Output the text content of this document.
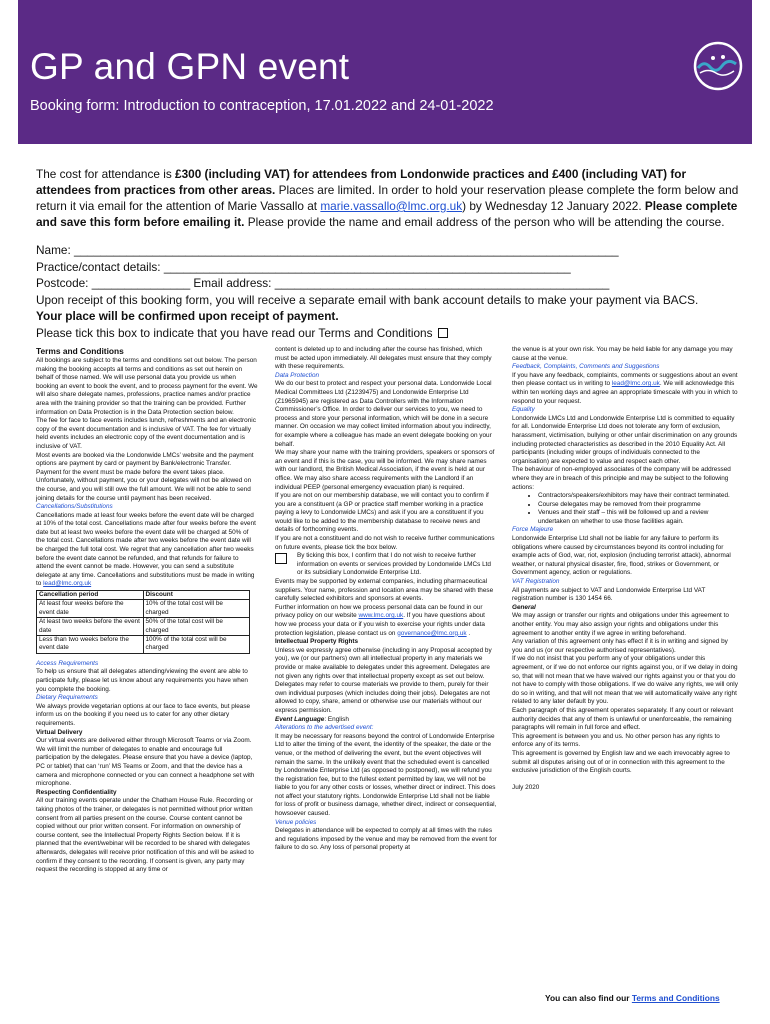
GP and GPN event
Booking form: Introduction to contraception, 17.01.2022 and 24-01-2022
The cost for attendance is £300 (including VAT) for attendees from Londonwide practices and £400 (including VAT) for attendees from practices from other areas. Places are limited. In order to hold your reservation please complete the form below and return it via email for the attention of Marie Vassallo at marie.vassallo@lmc.org.uk) by Wednesday 12 January 2022. Please complete and save this form before emailing it. Please provide the name and email address of the person who will be attending the course.
Name: ___________________________________________________________________________________
Practice/contact details: ______________________________________________________________
Postcode: _______________ Email address: ___________________________________________________
Upon receipt of this booking form, you will receive a separate email with bank account details to make your payment via BACS.
Your place will be confirmed upon receipt of payment.
Please tick this box to indicate that you have read our Terms and Conditions

Terms and Conditions

All bookings are subject to the terms and conditions set out below. The person making the booking accepts all terms and conditions as set out herein on behalf of those named. We will use personal data you provide us when booking an event to book the event, and to process payment for the event. We will also share delegate names, professions, practice names and/or practice area with the training provider so that the training can be provided. Further information on Data Protection is in the Data Protection section below.

The fee for face to face events includes lunch, refreshments and an electronic copy of the event documentation and is inclusive of VAT. The fee for virtually held events includes an electronic copy of the event documentation and is inclusive of VAT.

Most events are booked via the Londonwide LMCs’ website and the payment options are payment by card or payment by Bank/electronic Transfer.

Payment for the event must be made before the event takes place. Unfortunately, without payment, you or your delegates will not be allowed on the course, and you will still owe the full amount. We will not be able to send joining details for the course until payment has been received.

Cancellations/Substitutions

Cancellations made at least four weeks before the event date will be charged at 10% of the total cost. Cancellations made after four weeks before the event date but at least two weeks before the event date will be charged at 50% of the total cost. Cancellations made after two weeks before the event date will be charged the full total cost. We regret that any cancellation after two weeks before the event date cannot be refunded, and that refunds for failure to attend the event cannot be made. However, you can send a substitute delegate at any time. Cancellations and substitutions must be made in writing to lead@lmc.org.uk

Cancellation period	Discount
At least four weeks before the event date	10% of the total cost will be charged
At least two weeks before the event date	50% of the total cost will be charged
Less than two weeks before the event date	100% of the total cost will be charged

Access Requirements

To help us ensure that all delegates attending/viewing the event are able to participate fully, please let us know about any requirements you have when you complete the booking.

Dietary Requirements

We always provide vegetarian options at our face to face events, but please inform us on the booking if you need us to cater for any other dietary requirements.

Virtual Delivery

Our virtual events are delivered either through Microsoft Teams or via Zoom. We will limit the number of delegates to enable and encourage full participation by the delegates. Please ensure that you have a device (laptop, PC or tablet) that can ‘run’ MS Teams or Zoom, and that the device has a camera and microphone connected or you can connect a headphone set with microphone.

Respecting Confidentiality

All our training events operate under the Chatham House Rule. Recording or taking photos of the trainer, or delegates is not permitted without prior written consent from all parties present on the course. Course content cannot be copied without our prior written consent. For information on ownership of course content, see the Intellectual Property Rights Section below. If it is planned that the event/webinar will be recorded to be shared with delegates afterwards, delegates will receive prior notification of this and will be asked to confirm if they consent to the recording. If consent is given, any party may request the recording is stopped at any time or

content is deleted up to and including after the course has finished, which must be acted upon immediately. All delegates must ensure that they comply with these requirements.

Data Protection

We do our best to protect and respect your personal data. Londonwide Local Medical Committees Ltd (Z1239475) and Londonwide Enterprise Ltd (Z1965945) are registered as Data Controllers with the Information Commissioner’s Office. In order to deliver our services to you, we need to process and store your personal information, which will be done in a secure manner. On occasion we may collect limited information about you indirectly, for example where a colleague has made an event delegate booking on your behalf.

We may share your name with the training providers, speakers or sponsors of an event and if this is the case, you will be informed. We may share names with our landlord, the British Medical Association, if the event is held at our office. We may also share access requirements with the Landlord if an individual PEEP (personal emergency evacuation plan) is required.

If you are not on our membership database, we will contact you to confirm if you are a constituent (a GP or practice staff member working in a practice paying a levy to Londonwide LMCs) and ask if you are a constituent if you would like to be added to the membership database to receive news and details of forthcoming events.

If you are not a constituent and do not wish to receive further communications on future events, please tick the box below.

By ticking this box, I confirm that I do not wish to receive further information on events or services provided by Londonwide LMCs Ltd or its subsidiary Londonwide Enterprise Ltd.

Events may be supported by external companies, including pharmaceutical suppliers. Your name, profession and location area may be shared with these carefully selected exhibitors and sponsors at events.

Further information on how we process personal data can be found in our privacy policy on our website www.lmc.org.uk. If you have questions about how we process your data or if you wish to exercise your rights under data protection legislation, please contact us on governance@lmc.org.uk .

Intellectual Property Rights

Unless we expressly agree otherwise (including in any Proposal accepted by you), we (or our partners) own all intellectual property in any materials we provide or make available to delegates under this agreement. Delegates are not given any rights over that intellectual property except as set out below. Delegates may refer to course materials we provide to them, purely for their own individual purposes (which includes doing their jobs). Delegates are not allowed to copy, share, amend or otherwise use our materials without our express permission.

Event Language: English

Alterations to the advertised event:

It may be necessary for reasons beyond the control of Londonwide Enterprise Ltd to alter the timing of the event, the identity of the speaker, the date or the venue, or the method of delivering the event, but the event objectives will remain the same. In the unlikely event that the scheduled event is cancelled by Londonwide Enterprise Ltd (as opposed to postponed), we will refund you the registration fee, but to the fullest extent permitted by law, we will not be liable to you for any other costs or losses, whether direct or indirect. This does not affect your statutory rights. Londonwide Enterprise Ltd shall not be liable for loss of profit or business damage, whether direct, indirect or consequential, howsoever caused.

Venue policies

Delegates in attendance will be expected to comply at all times with the rules and regulations imposed by the venue and may be removed from the event for failure to do so. Any loss of personal property at

the venue is at your own risk. You may be held liable for any damage you may cause at the venue.

Feedback, Complaints, Comments and Suggestions

If you have any feedback, complaints, comments or suggestions about an event then please contact us in writing to lead@lmc.org.uk. We will acknowledge this within ten working days and agree an appropriate timescale with you in which to respond to your request.

Equality

Londonwide LMCs Ltd and Londonwide Enterprise Ltd is committed to equality for all. Londonwide Enterprise Ltd does not tolerate any form of exclusion, harassment, victimisation, bullying or other unfair discrimination on any grounds including protected characteristics as described in the 2010 Equality Act. All participants (including wider groups of individuals connected to the organisation) are expected to value and respect each other.

The behaviour of non-employed associates of the company will be addressed where they are in breach of this principle and may be subject to the following actions:

• Contractors/speakers/exhibitors may have their contract terminated.
• Course delegates may be removed from their programme
• Venues and their staff – this will be followed up and a review undertaken on whether to use those facilities again.

Force Majeure

Londonwide Enterprise Ltd shall not be liable for any failure to perform its obligations where caused by circumstances beyond its control including for example acts of God, war, riot, explosion (including terrorist attack), abnormal weather, or natural physical disaster, fire, flood, strikes or Government, or Government agency, action or regulations.

VAT Registration

All payments are subject to VAT and Londonwide Enterprise Ltd VAT registration number is 130 1454 66.

General

We may assign or transfer our rights and obligations under this agreement to another entity. You may also assign your rights and obligations under this agreement to another entity if we agree in writing beforehand.

Any variation of this agreement only has effect if it is in writing and signed by you and us (or our respective authorised representatives).

If we do not insist that you perform any of your obligations under this agreement, or if we do not enforce our rights against you, or if we delay in doing so, that will not mean that we have waived our rights against you or that you do not have to comply with those obligations. If we do waive any rights, we will only do so in writing, and that will not mean that we will automatically waive any right related to any later default by you.

Each paragraph of this agreement operates separately. If any court or relevant authority decides that any of them is unlawful or unenforceable, the remaining paragraphs will remain in full force and effect.

This agreement is between you and us. No other person has any rights to enforce any of its terms.

This agreement is governed by English law and we each irrevocably agree to submit all disputes arising out of or in connection with this agreement to the exclusive jurisdiction of the English courts.

July 2020

You can also find our Terms and Conditions
